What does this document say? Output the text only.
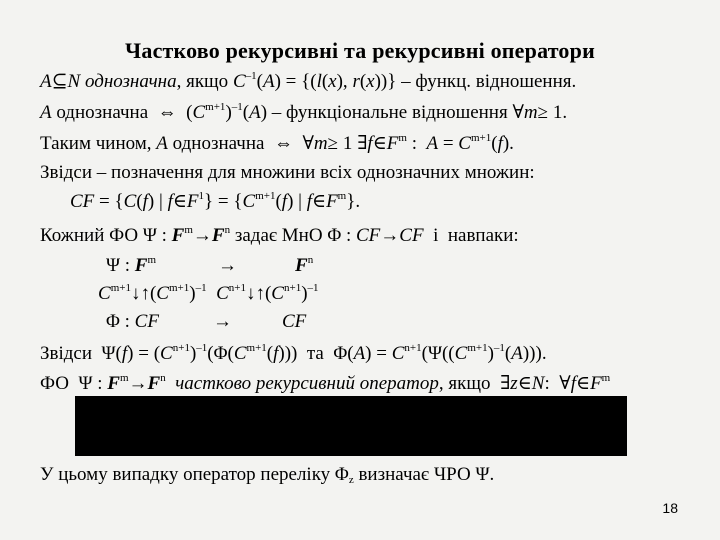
Частково рекурсивні та рекурсивні оператори
A⊆N однозначна, якщо $C^{-1}(A) = \{(l(x)$, r(x))} – функц. відношення.
A однозначна  ⇔  $(C^{m+1})^{-1}(A)$ – функціональне відношення ∀m≥ 1.
Таким чином, A однозначна  ⇔  ∀m≥ 1 $\exists f\in F^m$ :  $A = C^{m+1}(f)$.
Звідси – позначення для множини всіх однозначних множин:
CF = {C(f) | $f\in F^1\} = \{C^{m+1}(f)$ | $f\in F^m$}.
Кожний ФО Ψ : $F^m\to F^n$ задає МнО Φ : CF→CF  і  навпаки:
Ψ : $F^m$	→	$F^n$
$C^{m+1}↓↑(C^{m+1})^{-1}$ $C^{n+1}↓↑(C^{n+1})^{-1}$
Φ : CF	→	CF
Звідси  $\Psi(f) = (C^{n+1})^{-1}(\Phi(C^{m+1}(f)))$  та  $\Phi(A) = C^{n+1}(\Psi((C^{m+1})^{-1}(A)))$.
ФО  Ψ : $F^m\to F^n$ частково рекурсивний оператор, якщо  ∃z∈N:  $\forall f\in F^m$
У цьому випадку оператор переліку $\Phi_z$ визначає ЧРО Ψ.
18
